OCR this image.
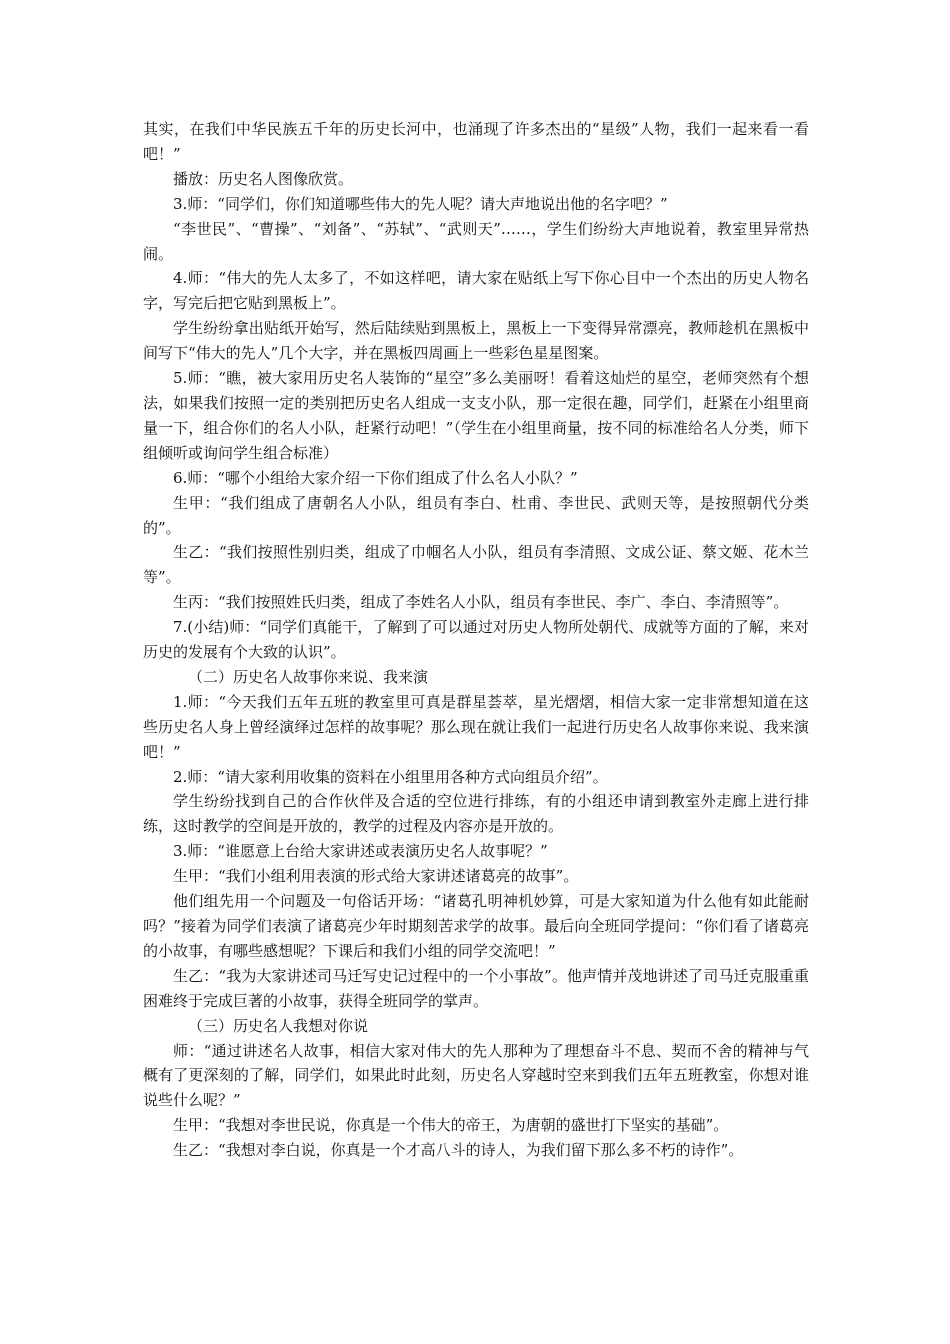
其实，在我们中华民族五千年的历史长河中，也涌现了许多杰出的“星级”人物，我们一起来看一看吧！”

播放：历史名人图像欣赏。

3.师：“同学们，你们知道哪些伟大的先人呢？请大声地说出他的名字吧？”

“李世民”、“曹操”、“刘备”、“苏轼”、“武则天”……，学生们纷纷大声地说着，教室里异常热闹。

4.师：“伟大的先人太多了，不如这样吧，请大家在贴纸上写下你心目中一个杰出的历史人物名字，写完后把它贴到黑板上”。

学生纷纷拿出贴纸开始写，然后陆续贴到黑板上，黑板上一下变得异常漂亮，教师趁机在黑板中间写下“伟大的先人”几个大字，并在黑板四周画上一些彩色星星图案。

5.师：“瞧，被大家用历史名人装饰的“星空”多么美丽呀！看着这灿烂的星空，老师突然有个想法，如果我们按照一定的类别把历史名人组成一支支小队，那一定很在趣，同学们，赶紧在小组里商量一下，组合你们的名人小队，赶紧行动吧！”（学生在小组里商量，按不同的标准给名人分类，师下组倾听或询问学生组合标准）

6.师：“哪个小组给大家介绍一下你们组成了什么名人小队？”

生甲：“我们组成了唐朝名人小队，组员有李白、杜甫、李世民、武则天等，是按照朝代分类的”。

生乙：“我们按照性别归类，组成了巾帼名人小队，组员有李清照、文成公证、蔡文姬、花木兰等”。

生丙：“我们按照姓氏归类，组成了李姓名人小队，组员有李世民、李广、李白、李清照等”。

7.(小结)师：“同学们真能干，了解到了可以通过对历史人物所处朝代、成就等方面的了解，来对历史的发展有个大致的认识”。

（二）历史名人故事你来说、我来演

1.师：“今天我们五年五班的教室里可真是群星荟萃，星光熠熠，相信大家一定非常想知道在这些历史名人身上曾经演绎过怎样的故事呢？那么现在就让我们一起进行历史名人故事你来说、我来演吧！”

2.师：“请大家利用收集的资料在小组里用各种方式向组员介绍”。

学生纷纷找到自己的合作伙伴及合适的空位进行排练，有的小组还申请到教室外走廊上进行排练，这时教学的空间是开放的，教学的过程及内容亦是开放的。

3.师：“谁愿意上台给大家讲述或表演历史名人故事呢？”

生甲：“我们小组利用表演的形式给大家讲述诸葛亮的故事”。

他们组先用一个问题及一句俗话开场：“诸葛孔明神机妙算，可是大家知道为什么他有如此能耐吗？”接着为同学们表演了诸葛亮少年时期刻苦求学的故事。最后向全班同学提问：“你们看了诸葛亮的小故事，有哪些感想呢？下课后和我们小组的同学交流吧！”

生乙：“我为大家讲述司马迁写史记过程中的一个小事故”。他声情并茂地讲述了司马迁克服重重困难终于完成巨著的小故事，获得全班同学的掌声。

（三）历史名人我想对你说

师：“通过讲述名人故事，相信大家对伟大的先人那种为了理想奋斗不息、契而不舍的精神与气概有了更深刻的了解，同学们，如果此时此刻，历史名人穿越时空来到我们五年五班教室，你想对谁说些什么呢？”

生甲：“我想对李世民说，你真是一个伟大的帝王，为唐朝的盛世打下坚实的基础”。

生乙：“我想对李白说，你真是一个才高八斗的诗人，为我们留下那么多不朽的诗作”。
